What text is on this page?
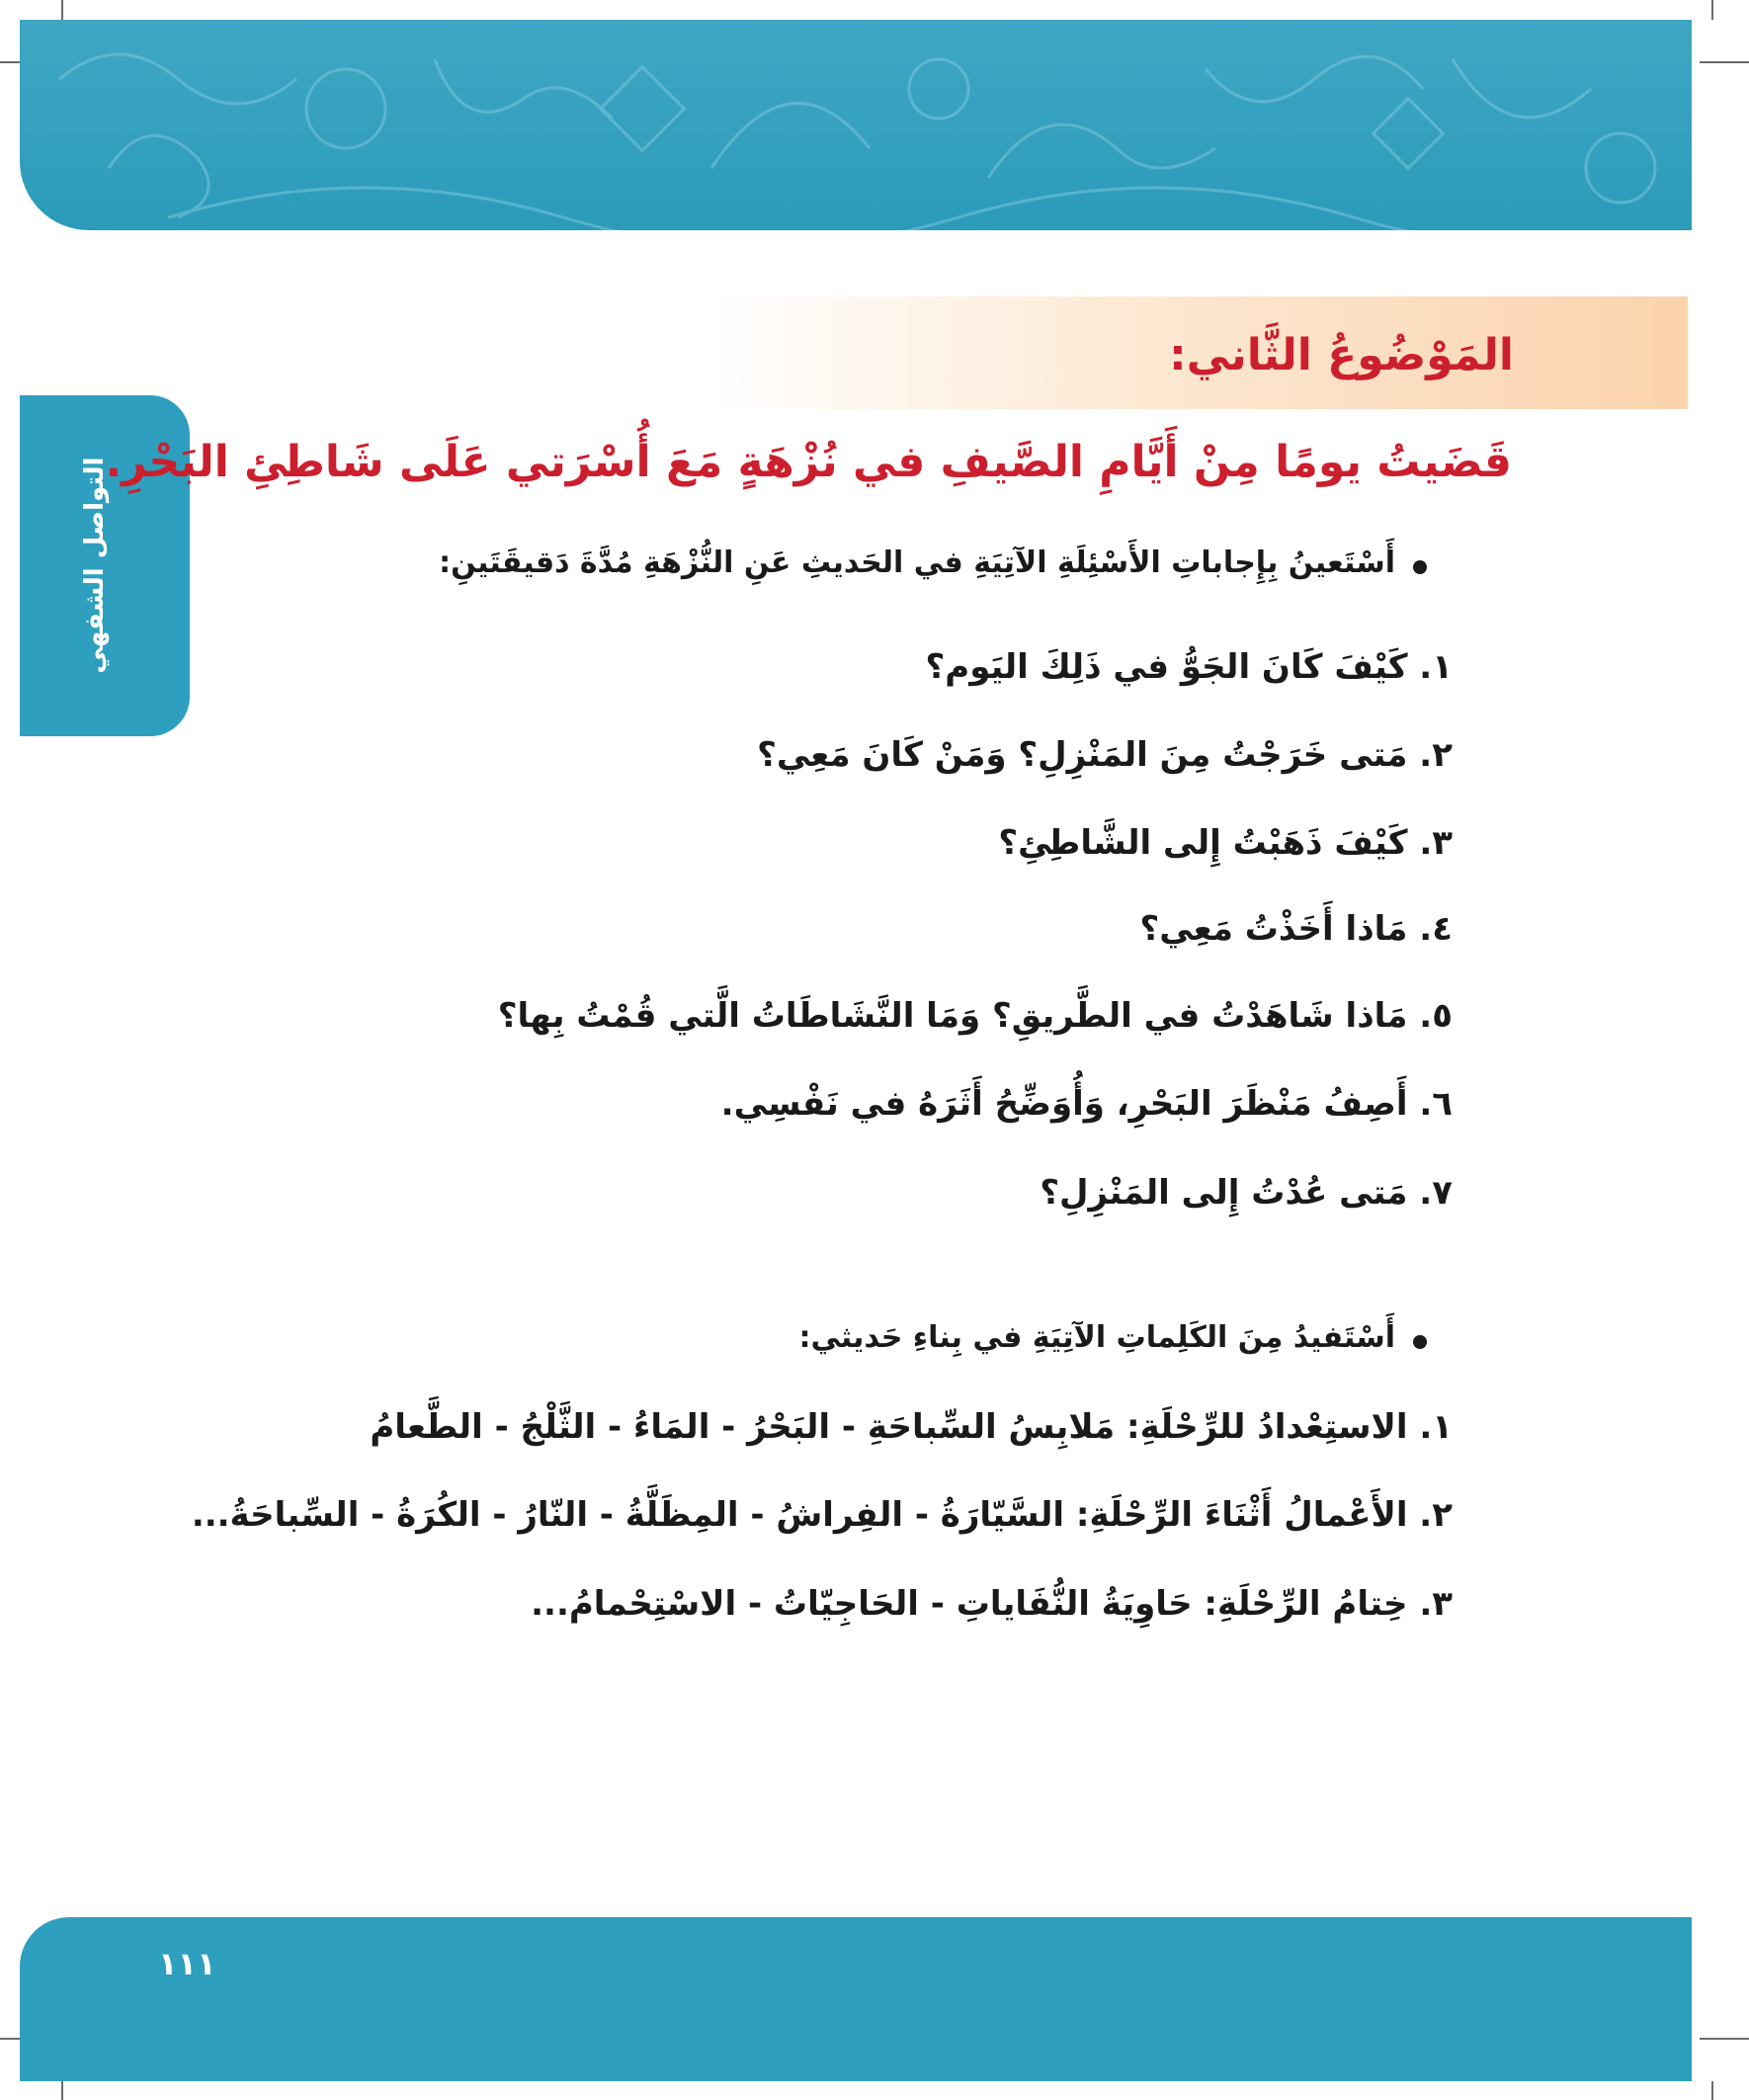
التواصل الشفهي
المَوْضُوعُ الثَّاني:
قَضَيتُ يومًا مِنْ أَيَّامِ الصَّيفِ في نُزْهَةٍ مَعَ أُسْرَتي عَلَى شَاطِئِ البَحْرِ.
أَسْتَعينُ بِإِجاباتِ الأَسْئِلَةِ الآتِيَةِ في الحَديثِ عَنِ النُّزْهَةِ مُدَّةَ دَقيقَتَينِ:
١. كَيْفَ كَانَ الجَوُّ في ذَلِكَ اليَوم؟
٢. مَتى خَرَجْتُ مِنَ المَنْزِلِ؟ وَمَنْ كَانَ مَعِي؟
٣. كَيْفَ ذَهَبْتُ إِلى الشَّاطِئِ؟
٤. مَاذا أَخَذْتُ مَعِي؟
٥. مَاذا شَاهَدْتُ في الطَّريقِ؟ وَمَا النَّشَاطَاتُ الَّتي قُمْتُ بِها؟
٦. أَصِفُ مَنْظَرَ البَحْرِ، وَأُوَضِّحُ أَثَرَهُ في نَفْسِي.
٧. مَتى عُدْتُ إِلى المَنْزِلِ؟
أَسْتَفيدُ مِنَ الكَلِماتِ الآتِيَةِ في بِناءِ حَديثي:
١. الاستِعْدادُ للرِّحْلَةِ: مَلابِسُ السِّباحَةِ - البَحْرُ - المَاءُ - الثَّلْجُ - الطَّعامُ
٢. الأَعْمالُ أَثْنَاءَ الرِّحْلَةِ: السَّيّارَةُ - الفِراشُ - المِظَلَّةُ - النّارُ - الكُرَةُ - السِّباحَةُ...
٣. خِتامُ الرِّحْلَةِ: حَاوِيَةُ النُّفَاياتِ - الحَاجِيّاتُ - الاسْتِحْمامُ...
١١١
